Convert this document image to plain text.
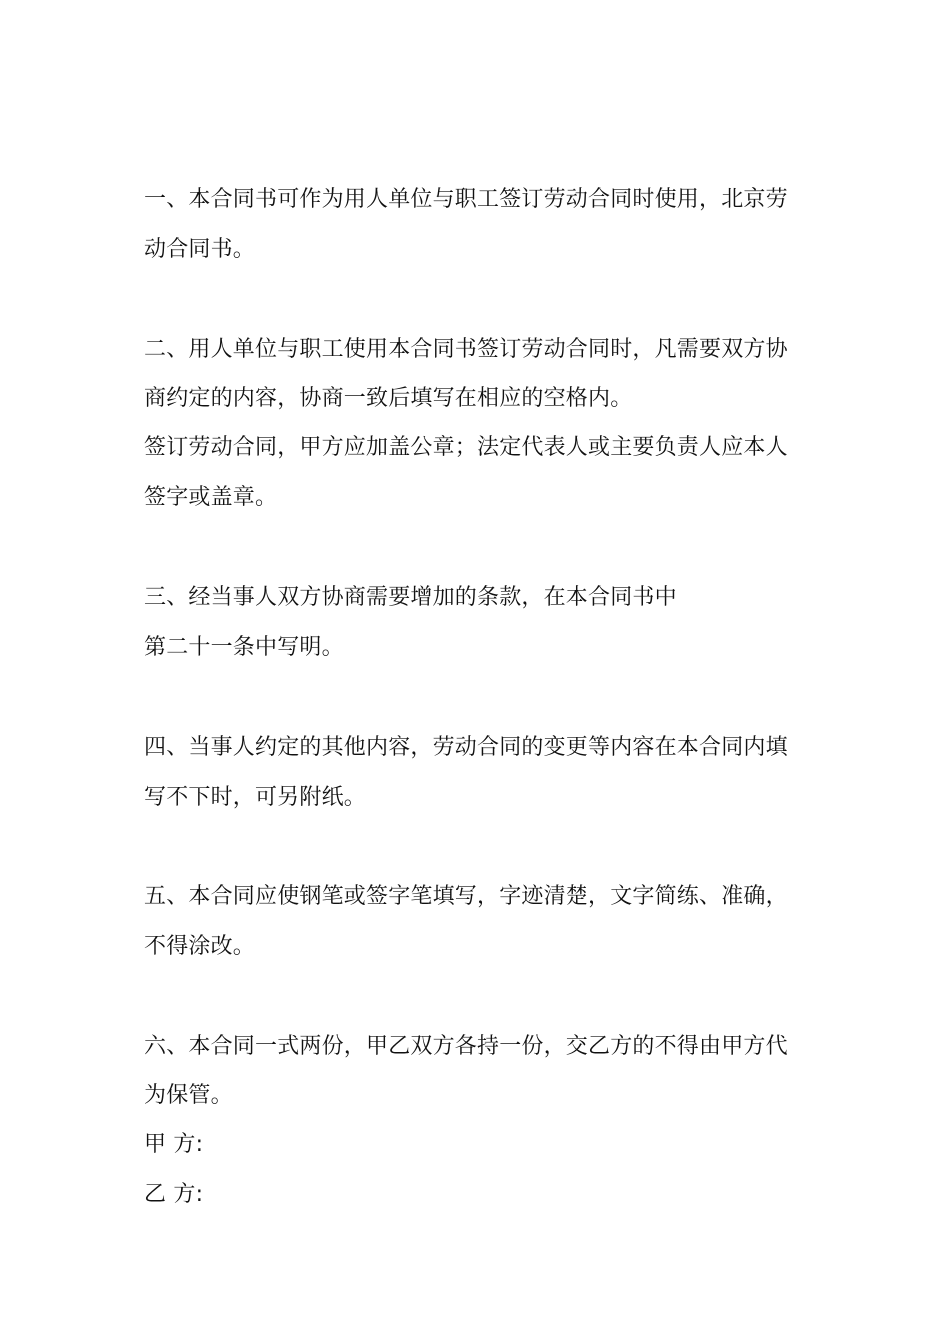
一、本合同书可作为用人单位与职工签订劳动合同时使用，北京劳
动合同书。
二、用人单位与职工使用本合同书签订劳动合同时，凡需要双方协
商约定的内容，协商一致后填写在相应的空格内。
签订劳动合同，甲方应加盖公章；法定代表人或主要负责人应本人
签字或盖章。
三、经当事人双方协商需要增加的条款，在本合同书中
第二十一条中写明。
四、当事人约定的其他内容，劳动合同的变更等内容在本合同内填
写不下时，可另附纸。
五、本合同应使钢笔或签字笔填写，字迹清楚，文字简练、准确，
不得涂改。
六、本合同一式两份，甲乙双方各持一份，交乙方的不得由甲方代
为保管。
甲 方:
乙 方:
